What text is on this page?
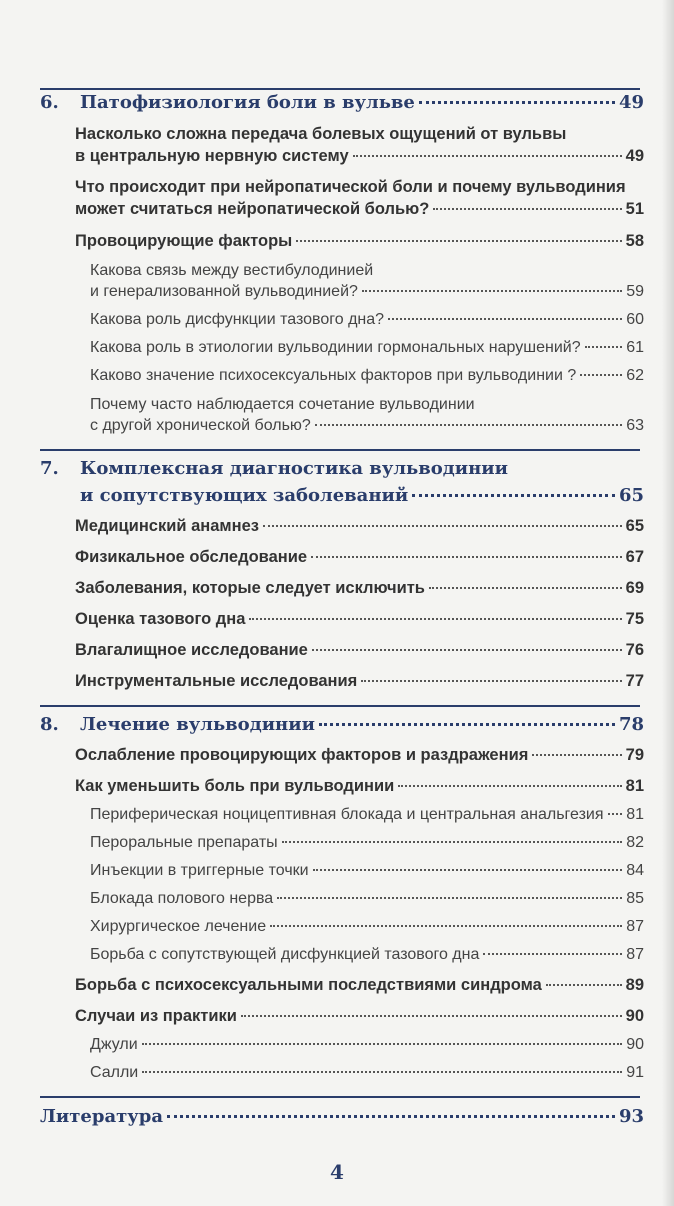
6. Патофизиология боли в вульве	49
Насколько сложна передача болевых ощущений от вульвы
в центральную нервную систему	49
Что происходит при нейропатической боли и почему вульводиния
может считаться нейропатической болью?	51
Провоцирующие факторы	58
Какова связь между вестибулодинией
и генерализованной вульводинией?	59
Какова роль дисфункции тазового дна?	60
Какова роль в этиологии вульводинии гормональных нарушений?	61
Каково значение психосексуальных факторов при вульводинии ?	62
Почему часто наблюдается сочетание вульводинии
с другой хронической болью?	63
7. Комплексная диагностика вульводинии
и сопутствующих заболеваний	65
Медицинский анамнез	65
Физикальное обследование	67
Заболевания, которые следует исключить	69
Оценка тазового дна	75
Влагалищное исследование	76
Инструментальные исследования	77
8. Лечение вульводинии	78
Ослабление провоцирующих факторов и раздражения	79
Как уменьшить боль при вульводинии	81
Периферическая ноцицептивная блокада и центральная анальгезия 81
Пероральные препараты	82
Инъекции в триггерные точки	84
Блокада полового нерва	85
Хирургическое лечение	87
Борьба с сопутствующей дисфункцией тазового дна	87
Борьба с психосексуальными последствиями синдрома	89
Случаи из практики	90
Джули	90
Салли	91
Литература	93
4
